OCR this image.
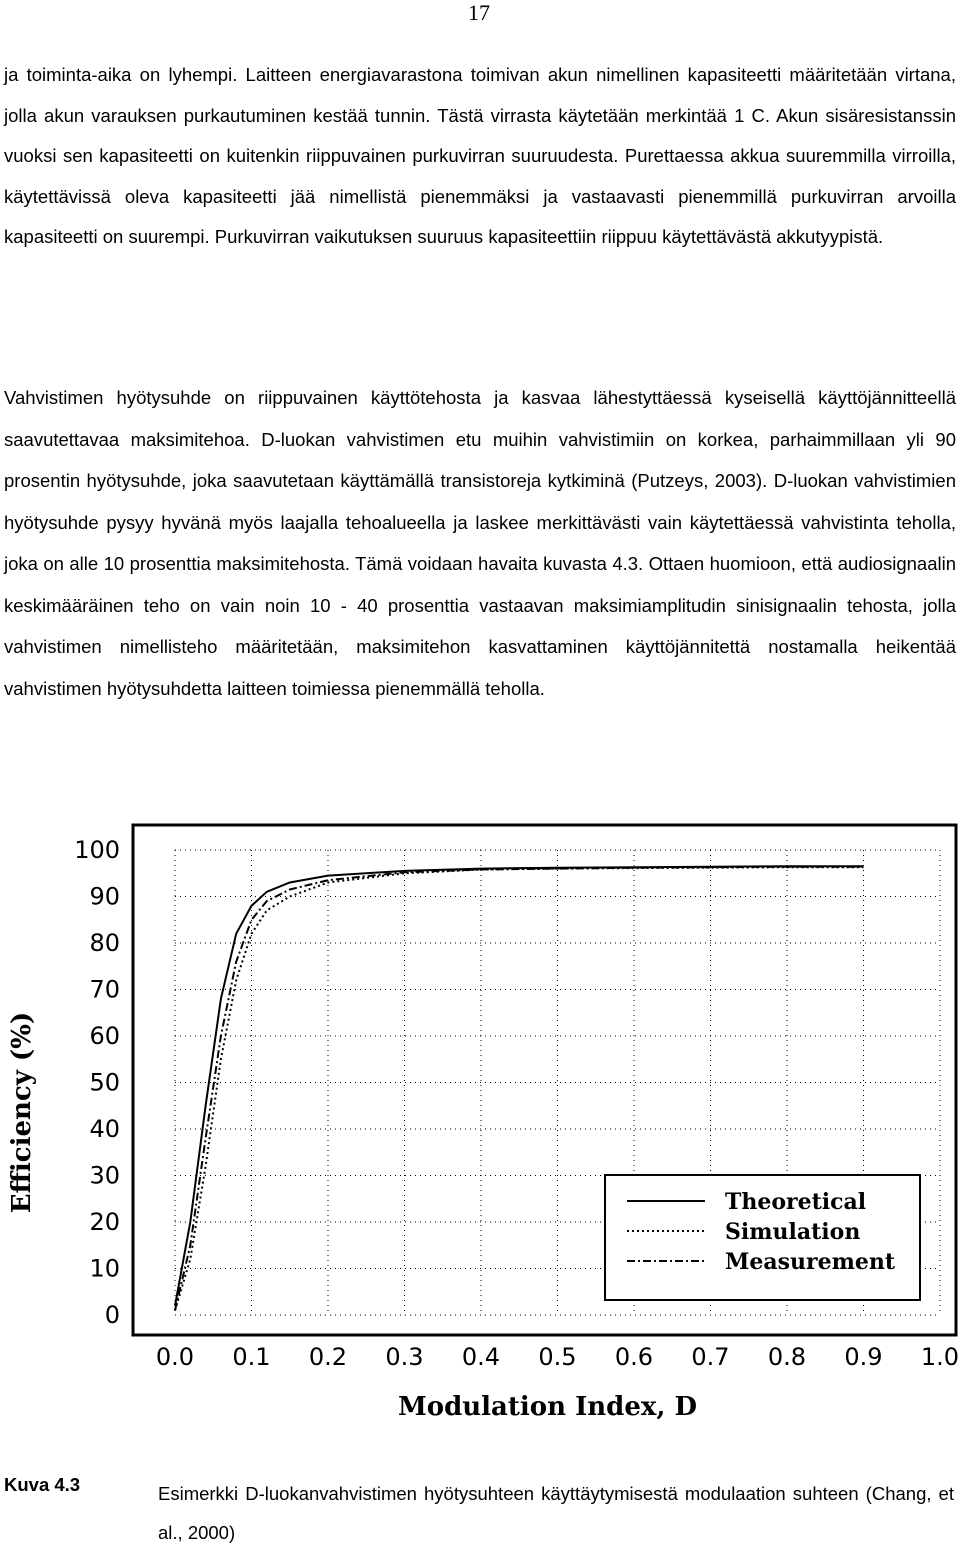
17

ja toiminta-aika on lyhempi. Laitteen energiavarastona toimivan akun nimellinen kapasiteetti määritetään virtana, jolla akun varauksen purkautuminen kestää tunnin. Tästä virrasta käytetään merkintää 1 C. Akun sisäresistanssin vuoksi sen kapasiteetti on kuitenkin riippuvainen purkuvirran suuruudesta. Purettaessa akkua suuremmilla virroilla, käytettävissä oleva kapasiteetti jää nimellistä pienemmäksi ja vastaavasti pienemmillä purkuvirran arvoilla kapasiteetti on suurempi. Purkuvirran vaikutuksen suuruus kapasiteettiin riippuu käytettävästä akkutyypistä.

Vahvistimen hyötysuhde on riippuvainen käyttötehosta ja kasvaa lähestyttäessä kyseisellä käyttöjännitteellä saavutettavaa maksimitehoa. D-luokan vahvistimen etu muihin vahvistimiin on korkea, parhaimmillaan yli 90 prosentin hyötysuhde, joka saavutetaan käyttämällä transistoreja kytkiminä (Putzeys, 2003). D-luokan vahvistimien hyötysuhde pysyy hyvänä myös laajalla tehoalueella ja laskee merkittävästi vain käytettäessä vahvistinta teholla, joka on alle 10 prosenttia maksimitehosta. Tämä voidaan havaita kuvasta 4.3. Ottaen huomioon, että audiosignaalin keskimääräinen teho on vain noin 10 - 40 prosenttia vastaavan maksimiamplitudin sinisignaalin tehosta, jolla vahvistimen nimellisteho määritetään, maksimitehon kasvattaminen käyttöjännitettä nostamalla heikentää vahvistimen hyötysuhdetta laitteen toimiessa pienemmällä teholla.

100
90
80
70
60
50
40
30
20
10
0
0.0 0.1 0.2 0.3 0.4 0.5 0.6 0.7 0.8 0.9 1.0
Modulation Index, D
Efficiency (%)	Theoretical
Simulation
Measurement
Kuva 4.3	Esimerkki D-luokanvahvistimen hyötysuhteen käyttäytymisestä modulaation suhteen (Chang, et al., 2000)
